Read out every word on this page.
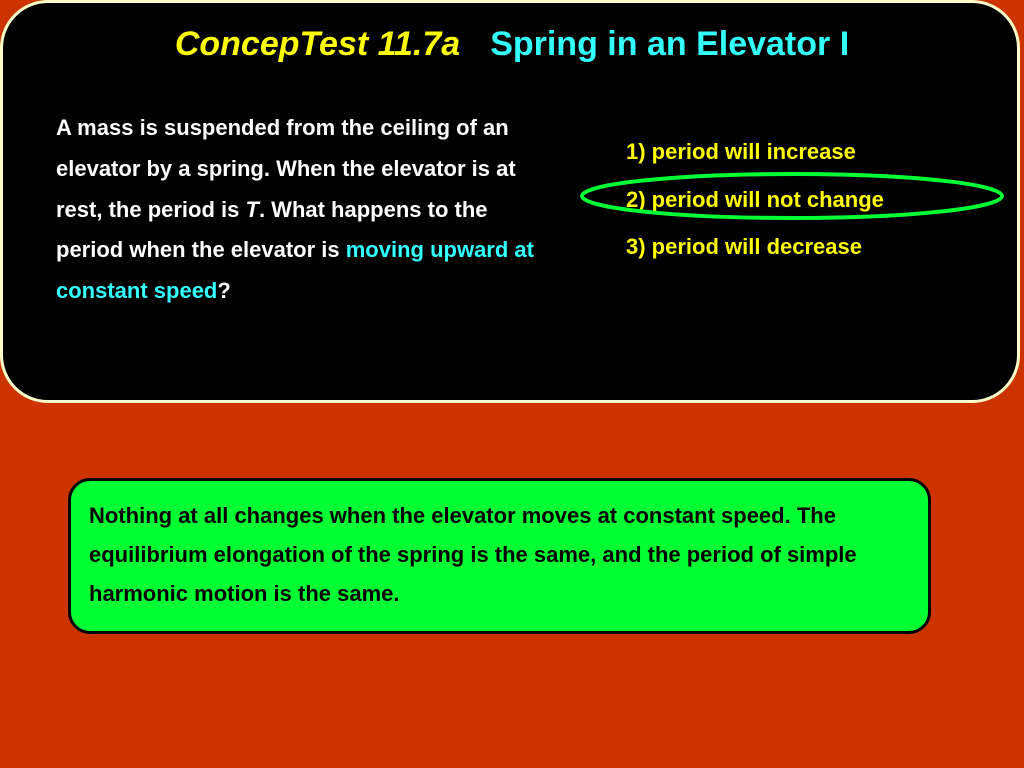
ConcepTest 11.7a Spring in an Elevator I
A mass is suspended from the ceiling of an elevator by a spring. When the elevator is at rest, the period is T. What happens to the period when the elevator is moving upward at constant speed?
1) period will increase
2) period will not change
3) period will decrease
Nothing at all changes when the elevator moves at constant speed. The equilibrium elongation of the spring is the same, and the period of simple harmonic motion is the same.
